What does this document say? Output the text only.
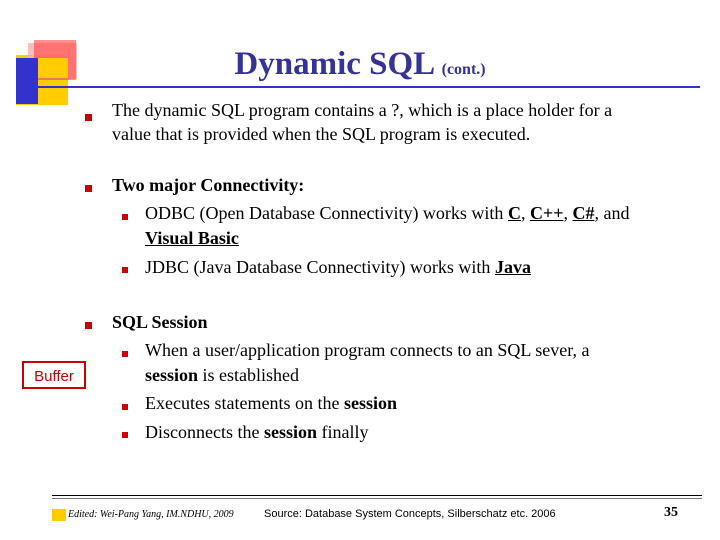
Dynamic SQL (cont.)
The dynamic SQL program contains a ?, which is a place holder for a
value that is provided when the SQL program is executed.
Two major Connectivity:
ODBC (Open Database Connectivity) works with C, C++, C#, and
Visual Basic
JDBC (Java Database Connectivity) works with Java
SQL Session
When a user/application program connects to an SQL sever, a
session is established
Executes statements on the session
Disconnects the session finally
Buffer
Edited: Wei-Pang Yang, IM.NDHU, 2009	Source: Database System Concepts, Silberschatz etc. 2006	35
